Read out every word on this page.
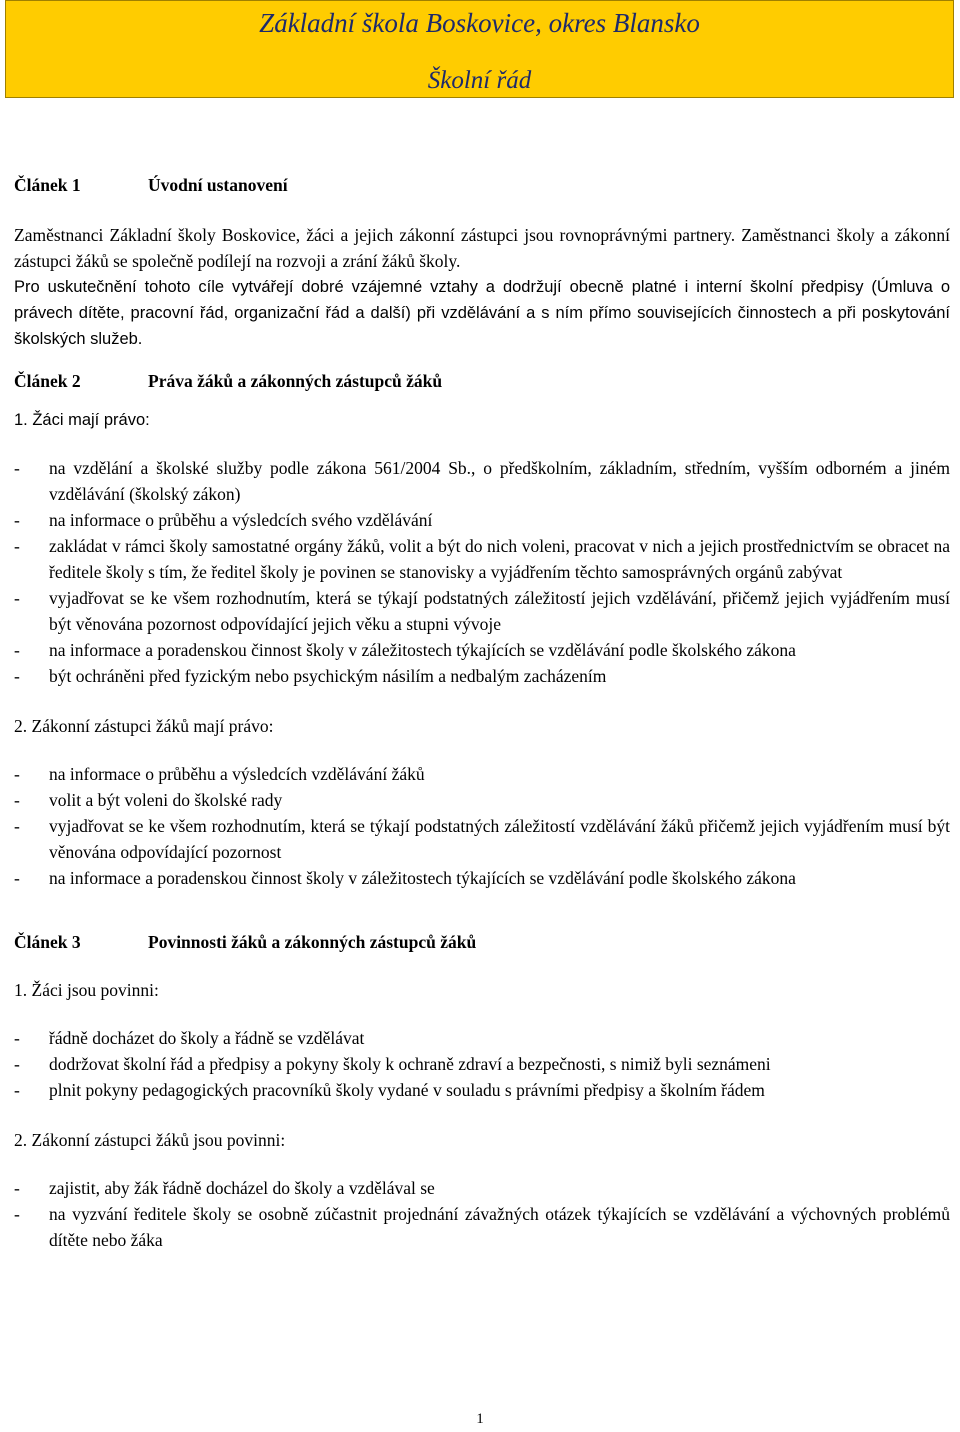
Základní škola Boskovice, okres Blansko
Školní řád
Článek 1	Úvodní ustanovení

Zaměstnanci Základní školy Boskovice, žáci a jejich zákonní zástupci jsou rovnoprávnými partnery. Zaměstnanci školy a zákonní zástupci žáků se společně podílejí na rozvoji a zrání žáků školy.

Pro uskutečnění tohoto cíle vytvářejí dobré vzájemné vztahy a dodržují obecně platné i interní školní předpisy (Úmluva o právech dítěte, pracovní řád, organizační řád a další) při vzdělávání a s ním přímo souvisejících činnostech a při poskytování školských služeb.

Článek 2	Práva žáků a zákonných zástupců žáků
1. Žáci mají právo:
- na vzdělání a školské služby podle zákona 561/2004 Sb., o předškolním, základním, středním, vyšším odborném a jiném vzdělávání (školský zákon)
- na informace o průběhu a výsledcích svého vzdělávání
- zakládat v rámci školy samostatné orgány žáků, volit a být do nich voleni, pracovat v nich a jejich prostřednictvím se obracet na ředitele školy s tím, že ředitel školy je povinen se stanovisky a vyjádřením těchto samosprávných orgánů zabývat
- vyjadřovat se ke všem rozhodnutím, která se týkají podstatných záležitostí jejich vzdělávání, přičemž jejich vyjádřením musí být věnována pozornost odpovídající jejich věku a stupni vývoje
- na informace a poradenskou činnost školy v záležitostech týkajících se vzdělávání podle školského zákona
- být ochráněni před fyzickým nebo psychickým násilím a nedbalým zacházením
2. Zákonní zástupci žáků mají právo:
- na informace o průběhu a výsledcích vzdělávání žáků
- volit a být voleni do školské rady
- vyjadřovat se ke všem rozhodnutím, která se týkají podstatných záležitostí vzdělávání žáků přičemž jejich vyjádřením musí být věnována odpovídající pozornost
- na informace a poradenskou činnost školy v záležitostech týkajících se vzdělávání podle školského zákona
Článek 3	Povinnosti žáků a zákonných zástupců žáků
1. Žáci jsou povinni:
- řádně docházet do školy a řádně se vzdělávat
- dodržovat školní řád a předpisy a pokyny školy k ochraně zdraví a bezpečnosti, s nimiž byli seznámeni
- plnit pokyny pedagogických pracovníků školy vydané v souladu s právními předpisy a školním řádem
2. Zákonní zástupci žáků jsou povinni:
- zajistit, aby žák řádně docházel do školy a vzdělával se
- na vyzvání ředitele školy se osobně zúčastnit projednání závažných otázek týkajících se vzdělávání a výchovných problémů dítěte nebo žáka
1
